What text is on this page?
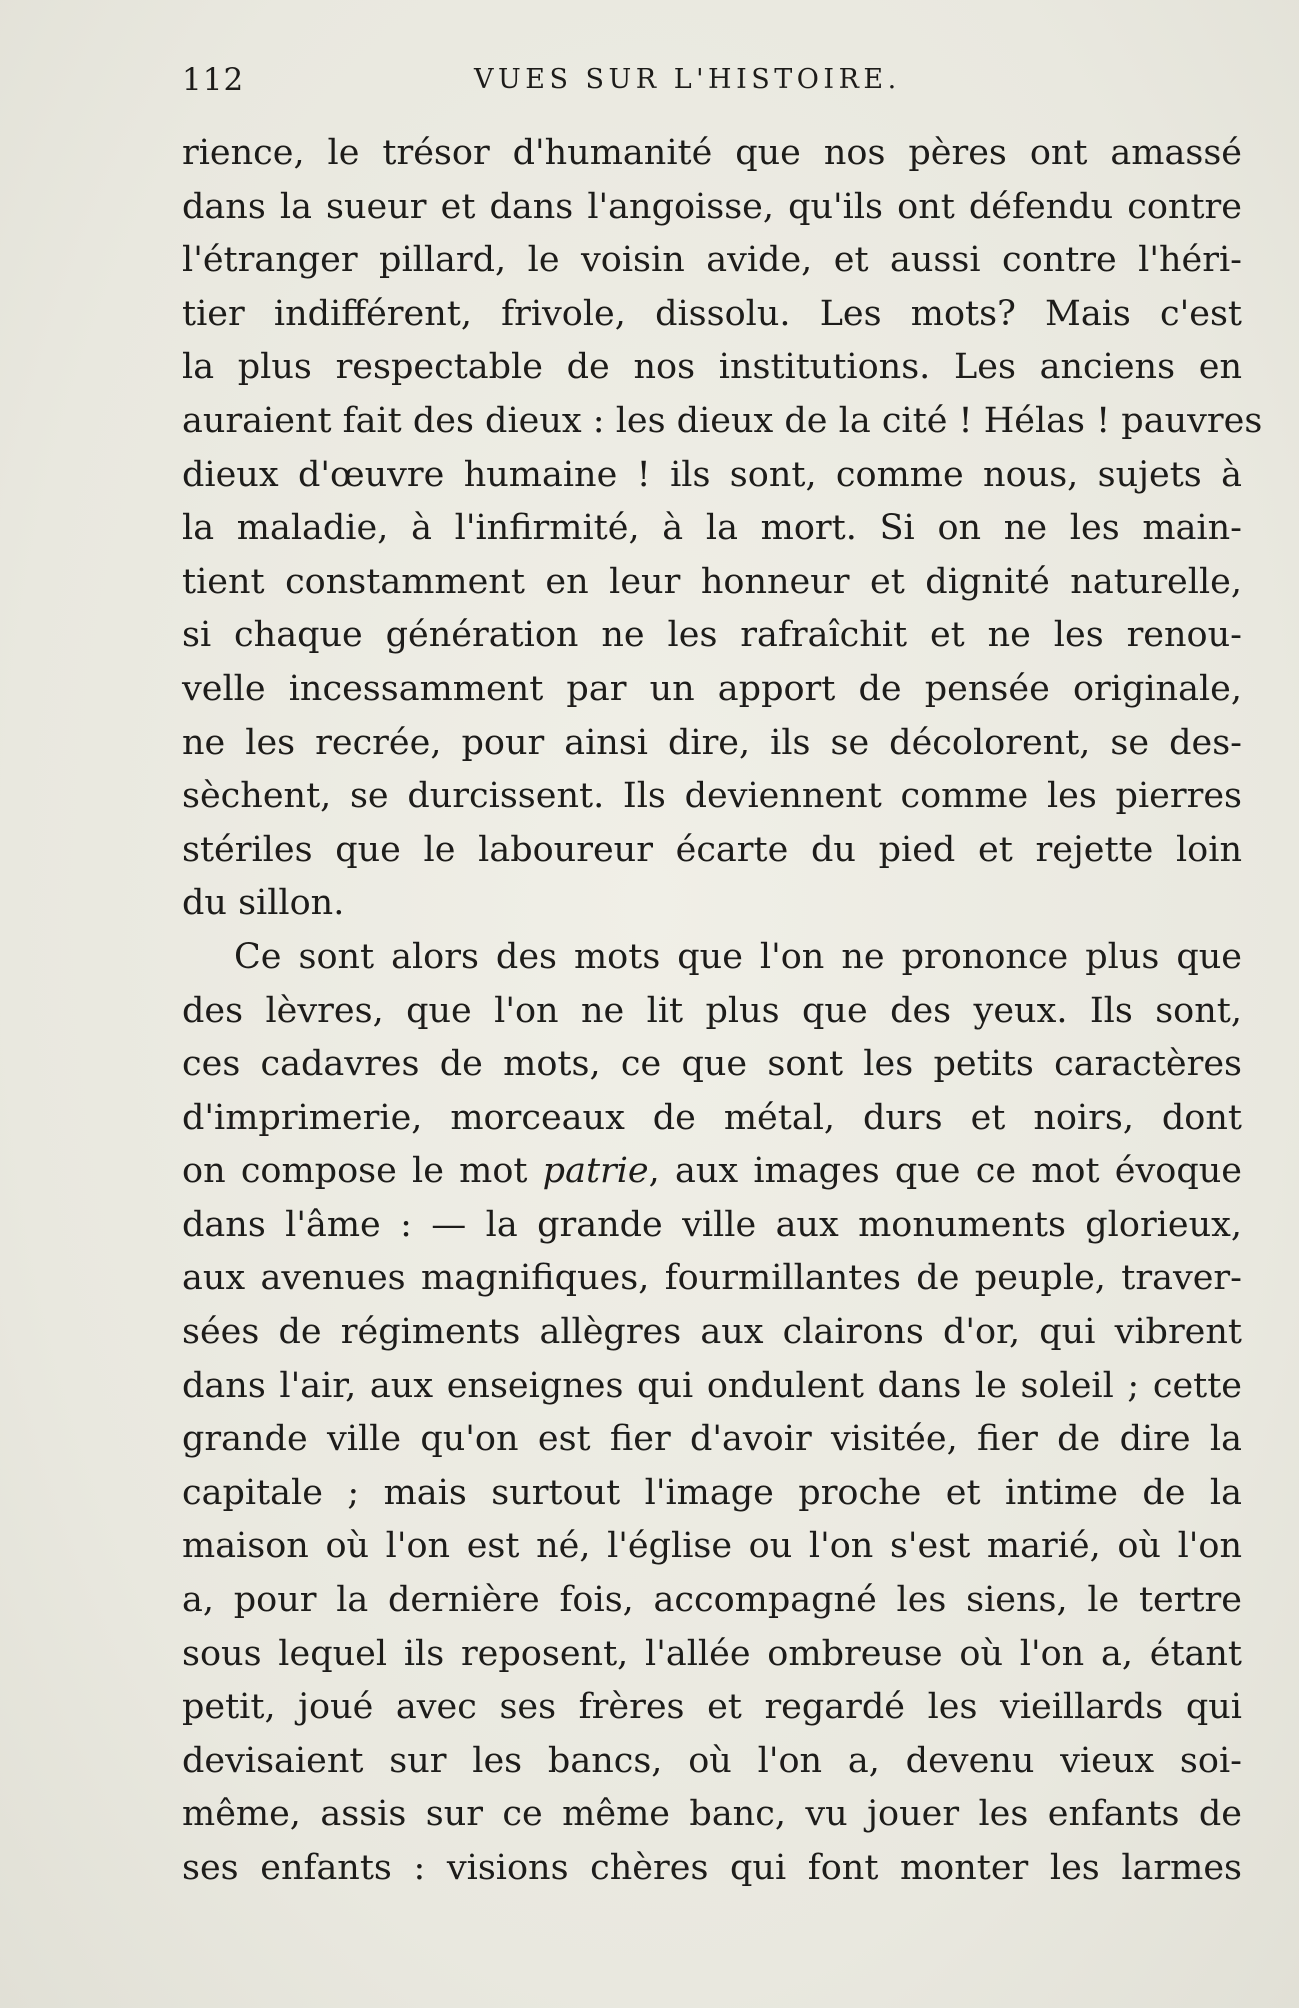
112	VUES SUR L'HISTOIRE.
rience, le trésor d'humanité que nos pères ont amassé
dans la sueur et dans l'angoisse, qu'ils ont défendu contre
l'étranger pillard, le voisin avide, et aussi contre l'héri-
tier indifférent, frivole, dissolu. Les mots? Mais c'est
la plus respectable de nos institutions. Les anciens en
auraient fait des dieux : les dieux de la cité ! Hélas ! pauvres
dieux d'œuvre humaine ! ils sont, comme nous, sujets à
la maladie, à l'infirmité, à la mort. Si on ne les main-
tient constamment en leur honneur et dignité naturelle,
si chaque génération ne les rafraîchit et ne les renou-
velle incessamment par un apport de pensée originale,
ne les recrée, pour ainsi dire, ils se décolorent, se des-
sèchent, se durcissent. Ils deviennent comme les pierres
stériles que le laboureur écarte du pied et rejette loin
du sillon.
Ce sont alors des mots que l'on ne prononce plus que
des lèvres, que l'on ne lit plus que des yeux. Ils sont,
ces cadavres de mots, ce que sont les petits caractères
d'imprimerie, morceaux de métal, durs et noirs, dont
on compose le mot patrie, aux images que ce mot évoque
dans l'âme : — la grande ville aux monuments glorieux,
aux avenues magnifiques, fourmillantes de peuple, traver-
sées de régiments allègres aux clairons d'or, qui vibrent
dans l'air, aux enseignes qui ondulent dans le soleil ; cette
grande ville qu'on est fier d'avoir visitée, fier de dire la
capitale ; mais surtout l'image proche et intime de la
maison où l'on est né, l'église ou l'on s'est marié, où l'on
a, pour la dernière fois, accompagné les siens, le tertre
sous lequel ils reposent, l'allée ombreuse où l'on a, étant
petit, joué avec ses frères et regardé les vieillards qui
devisaient sur les bancs, où l'on a, devenu vieux soi-
même, assis sur ce même banc, vu jouer les enfants de
ses enfants : visions chères qui font monter les larmes
